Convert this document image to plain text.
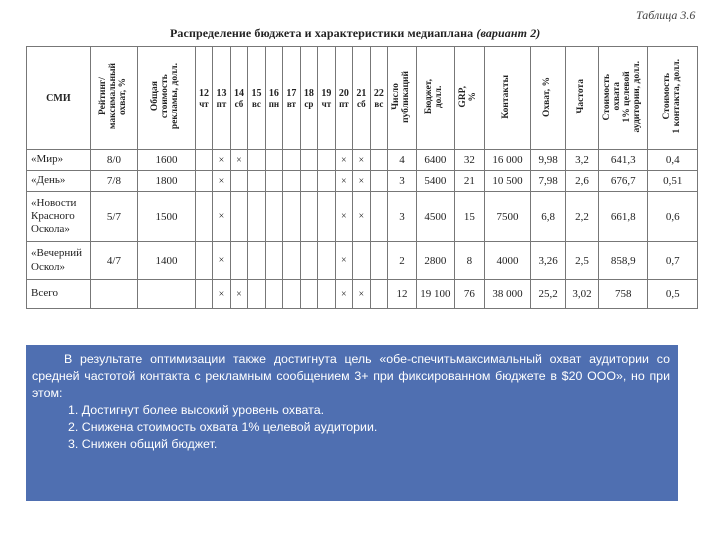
Таблица 3.6
Распределение бюджета и характеристики медиаплана (вариант 2)
СМИ	Рейтинг/
максимальный
охват, %	Общая
стоимость
рекламы, долл.	12
чт	13
пт	14
сб	15
вс	16
пн	17
вт	18
ср	19
чт	20
пт	21
сб	22
вс	Число
публикаций	Бюджет,
долл.	GRP,
%	Контакты	Охват, %	Частота	Стоимость
охвата
1% целевой
аудитории, долл.	Стоимость
1 контакта, долл.
«Мир»	8/0	1600		×	×						×	×		4	6400	32	16 000	9,98	3,2	641,3	0,4
«День»	7/8	1800		×							×	×		3	5400	21	10 500	7,98	2,6	676,7	0,51
«Новости
Красного
Оскола»	5/7	1500		×							×	×		3	4500	15	7500	6,8	2,2	661,8	0,6
«Вечерний
Оскол»	4/7	1400		×							×			2	2800	8	4000	3,26	2,5	858,9	0,7
Всего				×	×						×	×		12	19 100	76	38 000	25,2	3,02	758	0,5

В результате оптимизации также достигнута цель «обе-спечитьмаксимальный охват аудитории со средней частотой контакта с рекламным сообщением 3+ при фиксированном бюджете в $20 ООО», но при этом:

1. Достигнут более высокий уровень охвата.
2. Снижена стоимость охвата 1% целевой аудитории.
3. Снижен общий бюджет.
